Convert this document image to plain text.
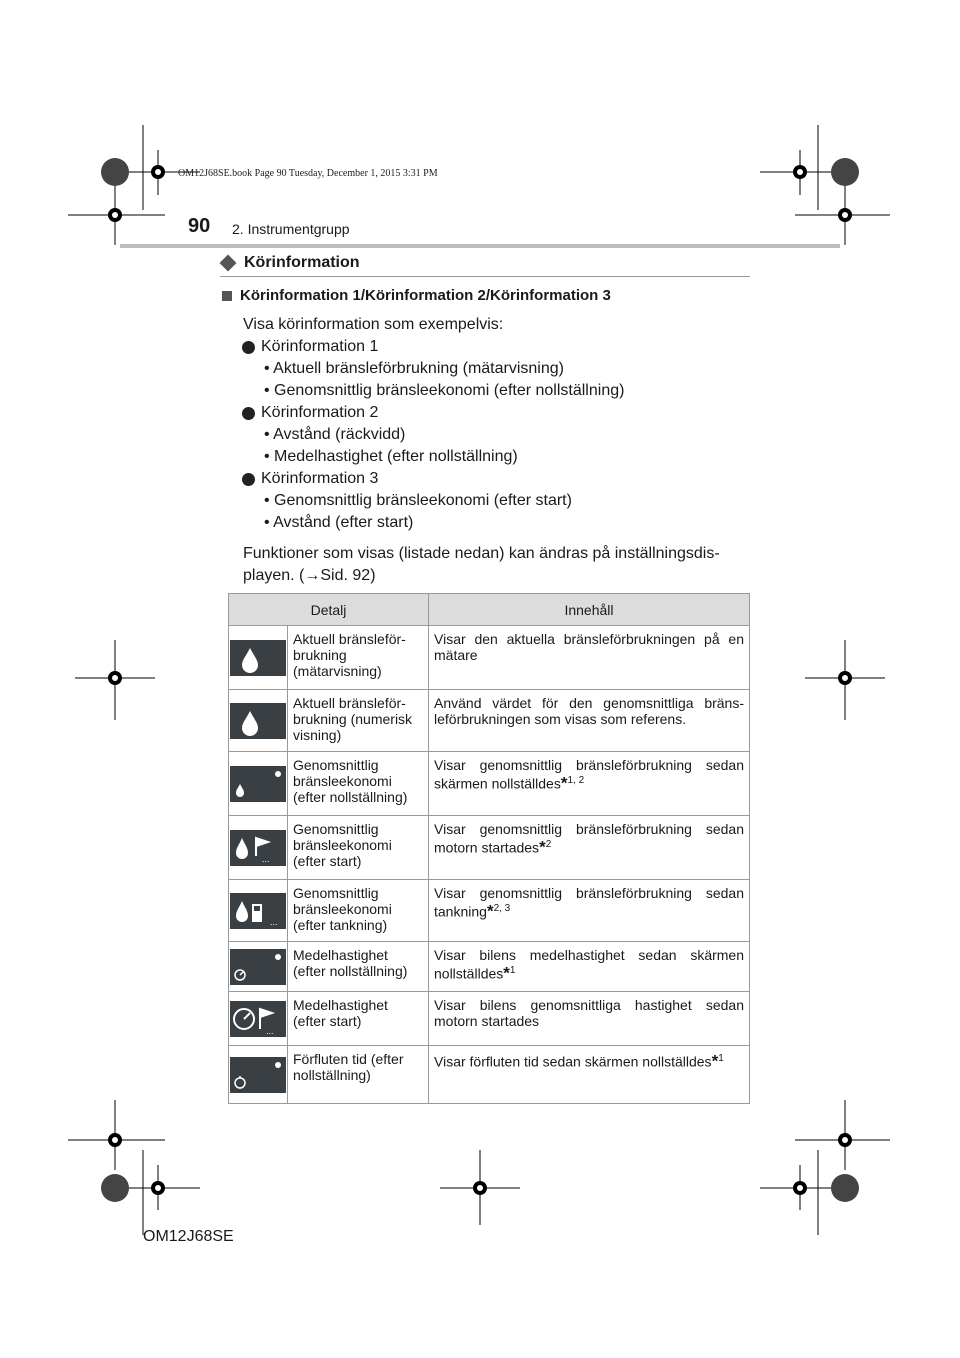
OM12J68SE.book Page 90 Tuesday, December 1, 2015 3:31 PM
90 2. Instrumentgrupp
Körinformation
Körinformation 1/Körinformation 2/Körinformation 3
Visa körinformation som exempelvis:
Körinformation 1
• Aktuell bränsleförbrukning (mätarvisning)
• Genomsnittlig bränsleekonomi (efter nollställning)
Körinformation 2
• Avstånd (räckvidd)
• Medelhastighet (efter nollställning)
Körinformation 3
• Genomsnittlig bränsleekonomi (efter start)
• Avstånd (efter start)
Funktioner som visas (listade nedan) kan ändras på inställningsdis-
playen. (→Sid. 92)
Detalj		Innehåll

	Aktuell bränsleför-brukning (mätarvisning)	Visar den aktuella bränsleförbrukningen på en mätare

	Aktuell bränsleför-brukning (numerisk visning)	Använd värdet för den genomsnittliga bräns-leförbrukningen som visas som referens.

	Genomsnittlig bränsleekonomi (efter nollställning)	Visar genomsnittlig bränsleförbrukning sedan skärmen nollställdes*$^{1, 2}$

...	Genomsnittlig bränsleekonomi (efter start)	Visar genomsnittlig bränsleförbrukning sedan motorn startades*$^2$

...	Genomsnittlig bränsleekonomi (efter tankning)	Visar genomsnittlig bränsleförbrukning sedan tankning*$^{2, 3}$

	Medelhastighet (efter nollställning)	Visar bilens medelhastighet sedan skärmen nollställdes*$^1$

...	Medelhastighet (efter start)	Visar bilens genomsnittliga hastighet sedan motorn startades

	Förfluten tid (efter nollställning)	Visar förfluten tid sedan skärmen nollställdes*$^1$
OM12J68SE
